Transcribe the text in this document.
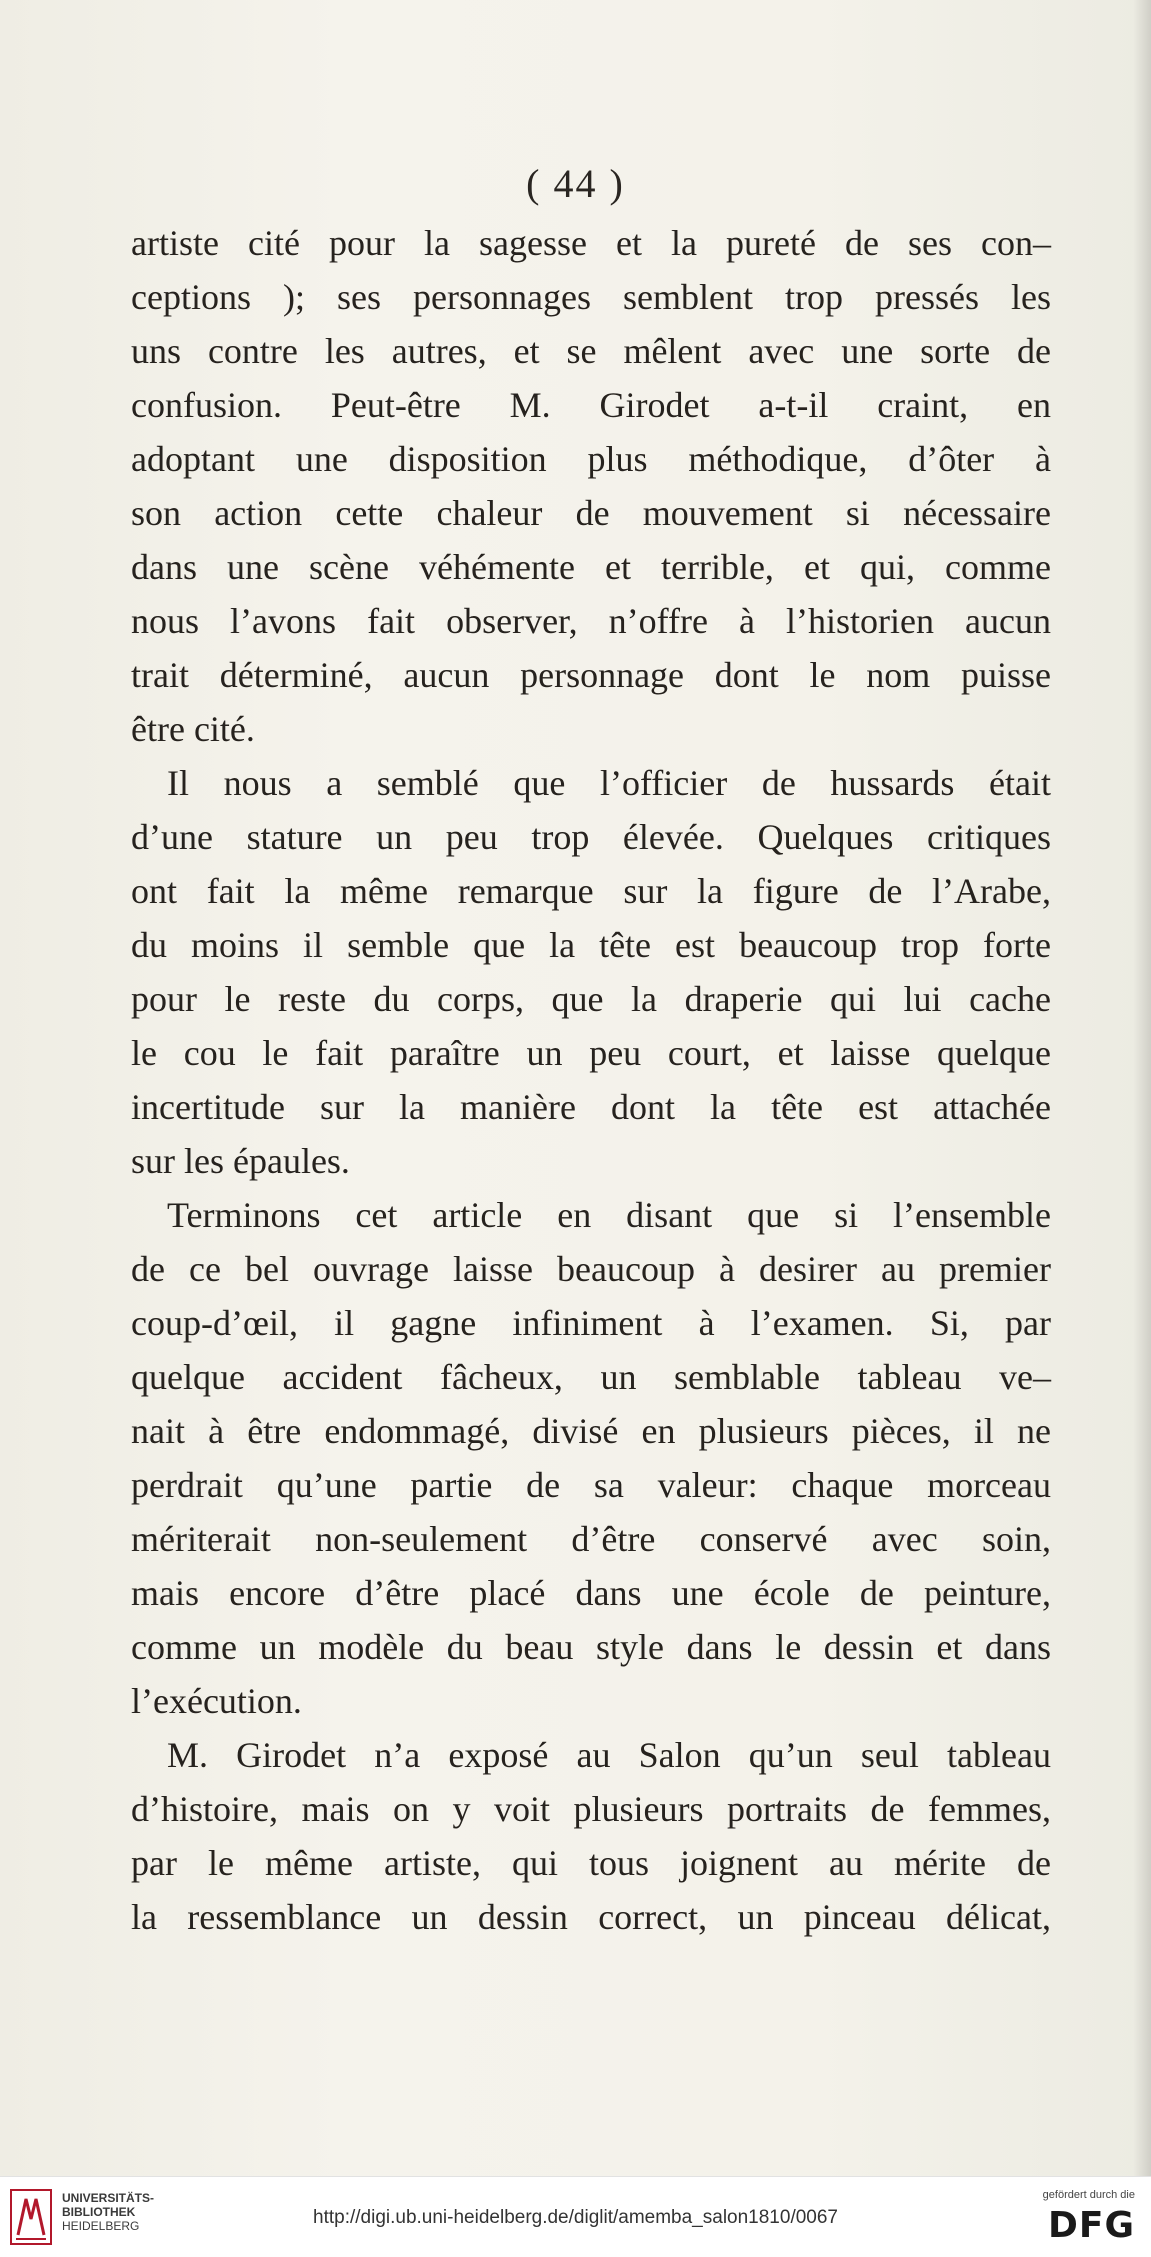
( 44 )
artiste cité pour la sagesse et la pureté de ses con–
ceptions ); ses personnages semblent trop pressés les
uns contre les autres, et se mêlent avec une sorte de
confusion. Peut-être M. Girodet a-t-il craint, en
adoptant une disposition plus méthodique, d’ôter à
son action cette chaleur de mouvement si nécessaire
dans une scène véhémente et terrible, et qui, comme
nous l’avons fait observer, n’offre à l’historien aucun
trait déterminé, aucun personnage dont le nom puisse
être cité.
Il nous a semblé que l’officier de hussards était
d’une stature un peu trop élevée. Quelques critiques
ont fait la même remarque sur la figure de l’Arabe,
du moins il semble que la tête est beaucoup trop forte
pour le reste du corps, que la draperie qui lui cache
le cou le fait paraître un peu court, et laisse quelque
incertitude sur la manière dont la tête est attachée
sur les épaules.
Terminons cet article en disant que si l’ensemble
de ce bel ouvrage laisse beaucoup à desirer au premier
coup-d’œil, il gagne infiniment à l’examen. Si, par
quelque accident fâcheux, un semblable tableau ve–
nait à être endommagé, divisé en plusieurs pièces, il ne
perdrait qu’une partie de sa valeur: chaque morceau
mériterait non-seulement d’être conservé avec soin,
mais encore d’être placé dans une école de peinture,
comme un modèle du beau style dans le dessin et dans
l’exécution.
M. Girodet n’a exposé au Salon qu’un seul tableau
d’histoire, mais on y voit plusieurs portraits de femmes,
par le même artiste, qui tous joignent au mérite de
la ressemblance un dessin correct, un pinceau délicat,
UNIVERSITÄTS-
BIBLIOTHEK
HEIDELBERG	http://digi.ub.uni-heidelberg.de/diglit/amemba_salon1810/0067
gefördert durch die
DFG
